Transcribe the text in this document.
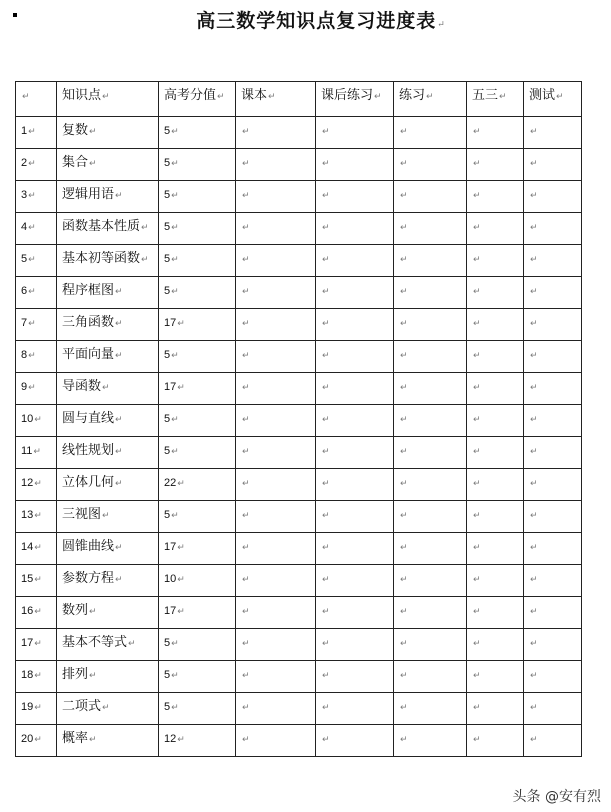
高三数学知识点复习进度表↵
↵	知识点↵	高考分值↵	课本↵	课后练习↵	练习↵	五三↵	测试↵
1↵	复数↵	5↵	↵	↵	↵	↵	↵
2↵	集合↵	5↵	↵	↵	↵	↵	↵
3↵	逻辑用语↵	5↵	↵	↵	↵	↵	↵
4↵	函数基本性质↵	5↵	↵	↵	↵	↵	↵
5↵	基本初等函数↵	5↵	↵	↵	↵	↵	↵
6↵	程序框图↵	5↵	↵	↵	↵	↵	↵
7↵	三角函数↵	17↵	↵	↵	↵	↵	↵
8↵	平面向量↵	5↵	↵	↵	↵	↵	↵
9↵	导函数↵	17↵	↵	↵	↵	↵	↵
10↵	圆与直线↵	5↵	↵	↵	↵	↵	↵
11↵	线性规划↵	5↵	↵	↵	↵	↵	↵
12↵	立体几何↵	22↵	↵	↵	↵	↵	↵
13↵	三视图↵	5↵	↵	↵	↵	↵	↵
14↵	圆锥曲线↵	17↵	↵	↵	↵	↵	↵
15↵	参数方程↵	10↵	↵	↵	↵	↵	↵
16↵	数列↵	17↵	↵	↵	↵	↵	↵
17↵	基本不等式↵	5↵	↵	↵	↵	↵	↵
18↵	排列↵	5↵	↵	↵	↵	↵	↵
19↵	二项式↵	5↵	↵	↵	↵	↵	↵
20↵	概率↵	12↵	↵	↵	↵	↵	↵
头条 @安有烈
